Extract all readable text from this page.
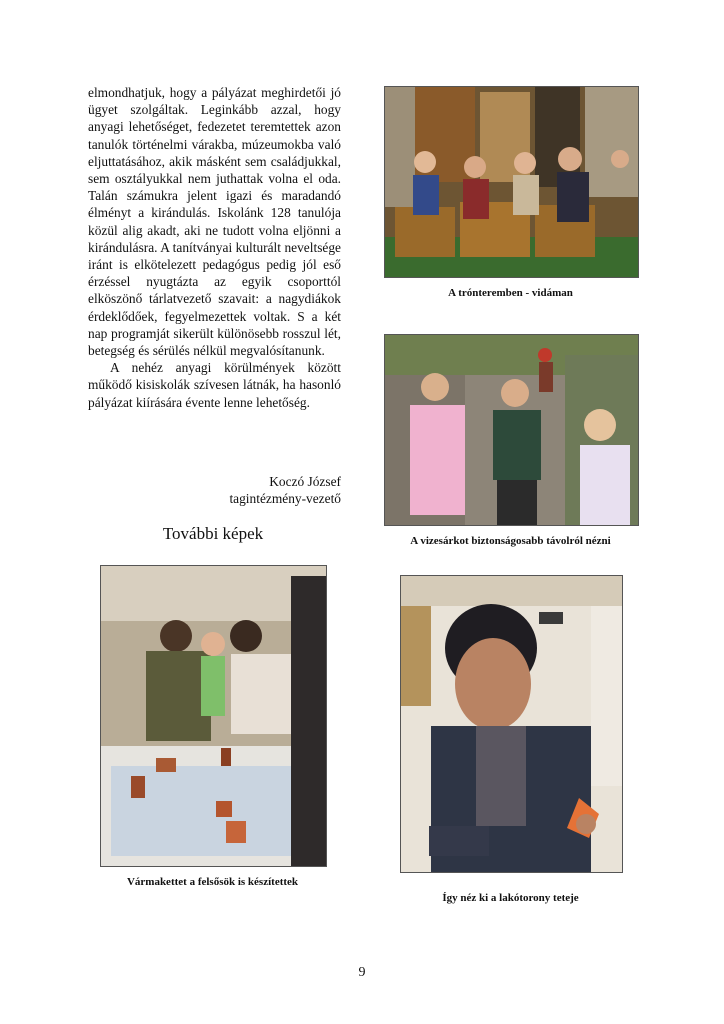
elmondhatjuk, hogy a pályázat meghirdetői jó ügyet szolgáltak. Leginkább azzal, hogy anyagi lehetőséget, fedezetet teremtettek azon tanulók történelmi várakba, múzeumokba való eljuttatásához, akik másként sem családjukkal, sem osztályukkal nem juthattak volna el oda. Talán számukra jelent igazi és maradandó élményt a kirándulás. Iskolánk 128 tanulója közül alig akadt, aki ne tudott volna eljönni a kirándulásra. A tanítványai kulturált neveltsége iránt is elkötelezett pedagógus pedig jól eső érzéssel nyugtázta az egyik csoporttól elköszönő tárlatvezető szavait: a nagydiákok érdeklődőek, fegyelmezettek voltak. S a két nap programját sikerült különösebb rosszul lét, betegség és sérülés nélkül megvalósítanunk.

A nehéz anyagi körülmények között működő kisiskolák szívesen látnák, ha hasonló pályázat kiírására évente lenne lehetőség.

Koczó József
tagintézmény-vezető
További képek
A trónteremben - vidáman
A vizesárkot biztonságosabb távolról nézni
Vármakettet a felsősök is készítettek
Így néz ki a lakótorony teteje
9
